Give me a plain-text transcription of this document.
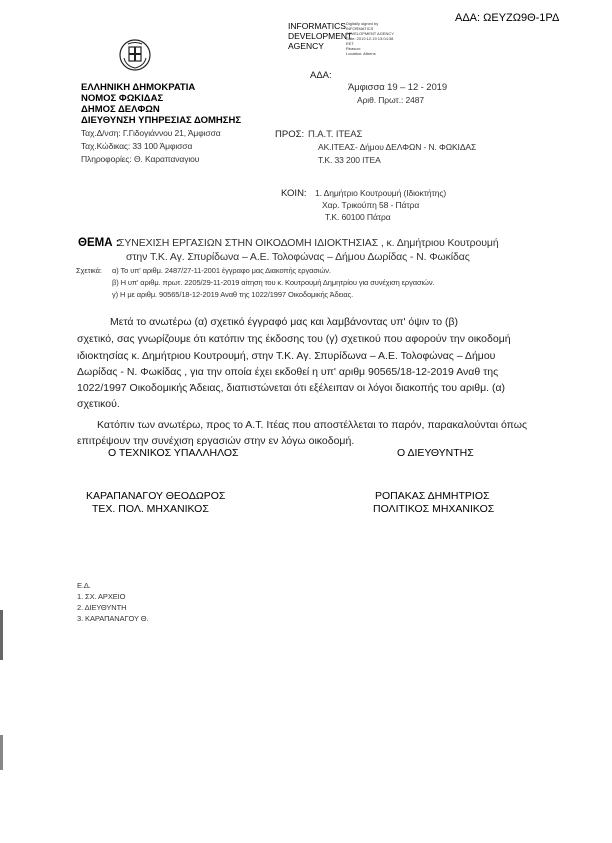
ΑΔΑ: ΩΕΥΖΩ9Θ-1ΡΔ
INFORMATICS
DEVELOPMENT
AGENCY
Digitally signed by
INFORMATICS
DEVELOPMENT AGENCY
Date: 2019.12.19 13:04:38
EET
Reason:
Location: Athens
ΑΔΑ:
Άμφισσα 19 – 12 - 2019
Αριθ. Πρωτ.: 2487
ΕΛΛΗΝΙΚΗ ΔΗΜΟΚΡΑΤΙΑ
ΝΟΜΟΣ ΦΩΚΙΔΑΣ
ΔΗΜΟΣ ΔΕΛΦΩΝ
ΔΙΕΥΘΥΝΣΗ ΥΠΗΡΕΣΙΑΣ ΔΟΜΗΣΗΣ
Ταχ.Δ/νση: Γ.Γιδογιάννου 21, Άμφισσα
Ταχ.Κώδικας: 33 100 Άμφισσα
Πληροφορίες: Θ. Καραπαναγιου
ΠΡΟΣ: Π.Α.Τ. ΙΤΕΑΣ
ΑΚ.ΙΤΕΑΣ- Δήμου ΔΕΛΦΩΝ - Ν. ΦΩΚΙΔΑΣ
Τ.Κ. 33 200 ΙΤΕΑ
ΚΟΙΝ: 1. Δημήτριο Κουτρουμή (Ιδιοκτήτης)
Χαρ. Τρικούπη 58 - Πάτρα
Τ.Κ. 60100 Πάτρα
ΘΕΜΑ :
ΣΥΝΕΧΙΣΗ ΕΡΓΑΣΙΩΝ ΣΤΗΝ ΟΙΚΟΔΟΜΗ ΙΔΙΟΚΤΗΣΙΑΣ , κ. Δημήτριου Κουτρουμή
στην Τ.Κ. Αγ. Σπυρίδωνα – Α.Ε. Τολοφώνας – Δήμου Δωρίδας - Ν. Φωκίδας
Σχετικά: α) Το υπ' αριθμ. 2487/27-11-2001 έγγραφο μας Διακοπής εργασιών.
β) Η υπ' αριθμ. πρωτ. 2205/29-11-2019 αίτηση του κ. Κουτρουμή Δημητρίου για συνέχιση εργασιών.
γ) Η με αριθμ. 90565/18-12-2019 Αναθ της 1022/1997 Οικοδομικής Άδειας.
Μετά το ανωτέρω (α) σχετικό έγγραφό μας και λαμβάνοντας υπ' όψιν το (β)
σχετικό, σας γνωρίζουμε ότι κατόπιν της έκδοσης του (γ) σχετικού που αφορούν την οικοδομή
ιδιοκτησίας κ. Δημήτριου Κουτρουμή, στην Τ.Κ. Αγ. Σπυρίδωνα – Α.Ε. Τολοφώνας – Δήμου
Δωρίδας - Ν. Φωκίδας , για την οποία έχει εκδοθεί η υπ' αριθμ 90565/18-12-2019 Αναθ της
1022/1997 Οικοδομικής Άδειας, διαπιστώνεται ότι εξέλειπαν οι λόγοι διακοπής του αριθμ. (α)
σχετικού.
Κατόπιν των ανωτέρω, προς το Α.Τ. Ιτέας που αποστέλλεται το παρόν, παρακαλούνται όπως
επιτρέψουν την συνέχιση εργασιών στην εν λόγω οικοδομή.
Ο ΤΕΧΝΙΚΟΣ ΥΠΑΛΛΗΛΟΣ	Ο ΔΙΕΥΘΥΝΤΗΣ
ΚΑΡΑΠΑΝΑΓΟΥ ΘΕΟΔΩΡΟΣ
ΤΕΧ. ΠΟΛ. ΜΗΧΑΝΙΚΟΣ
ΡΟΠΑΚΑΣ ΔΗΜΗΤΡΙΟΣ
ΠΟΛΙΤΙΚΟΣ ΜΗΧΑΝΙΚΟΣ
Ε.Δ.
1. ΣΧ. ΑΡΧΕΙΟ
2. ΔΙΕΥΘΥΝΤΗ
3. ΚΑΡΑΠΑΝΑΓΟΥ Θ.
